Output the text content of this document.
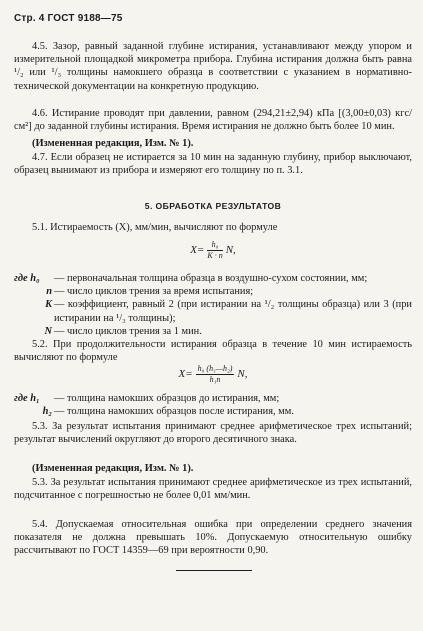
Стр. 4 ГОСТ 9188—75
4.5. Зазор, равный заданной глубине истирания, устанавливают между упором и измерительной площадкой микрометра прибора. Глубина истирания должна быть равна ¹/₂ или ¹/₃ толщины намокшего образца в соответствии с указанием в нормативно-технической документации на конкретную продукцию.
4.6. Истирание проводят при давлении, равном (294,21±2,94) кПа [(3,00±0,03) кгс/см²] до заданной глубины истирания. Время истирания не должно быть более 10 мин.
(Измененная редакция, Изм. № 1).
4.7. Если образец не истирается за 10 мин на заданную глубину, прибор выключают, образец вынимают из прибора и измеряют его толщину по п. 3.1.
5. ОБРАБОТКА РЕЗУЛЬТАТОВ
5.1. Истираемость (X), мм/мин, вычисляют по формуле
$X= \frac{\text{h₀}}{K \cdot n} N$,
где h₀	— первоначальная толщина образца в воздушно-сухом состоянии, мм;
n — число циклов трения за время испытания;
K — коэффициент, равный 2 (при истирании на ¹/₂ толщины образца) или 3 (при истирании на ¹/₃ толщины);
N — число циклов трения за 1 мин.
5.2. При продолжительности истирания образца в течение 10 мин истираемость вычисляют по формуле
$X= \frac{\text{h₀ (h₁—h₂)}}{\text{h₁n}} N$,
где h₁	— толщина намокших образцов до истирания, мм;
h₂ — толщина намокших образцов после истирания, мм.
5.3. За результат испытания принимают среднее арифметическое трех испытаний; результат вычислений округляют до второго десятичного знака.
(Измененная редакция, Изм. № 1).
5.3. За результат испытания принимают среднее арифметическое из трех испытаний, подсчитанное с погрешностью не более 0,01 мм/мин.
5.4. Допускаемая относительная ошибка при определении среднего значения показателя не должна превышать 10%. Допускаемую относительную ошибку рассчитывают по ГОСТ 14359—69 при вероятности 0,90.
